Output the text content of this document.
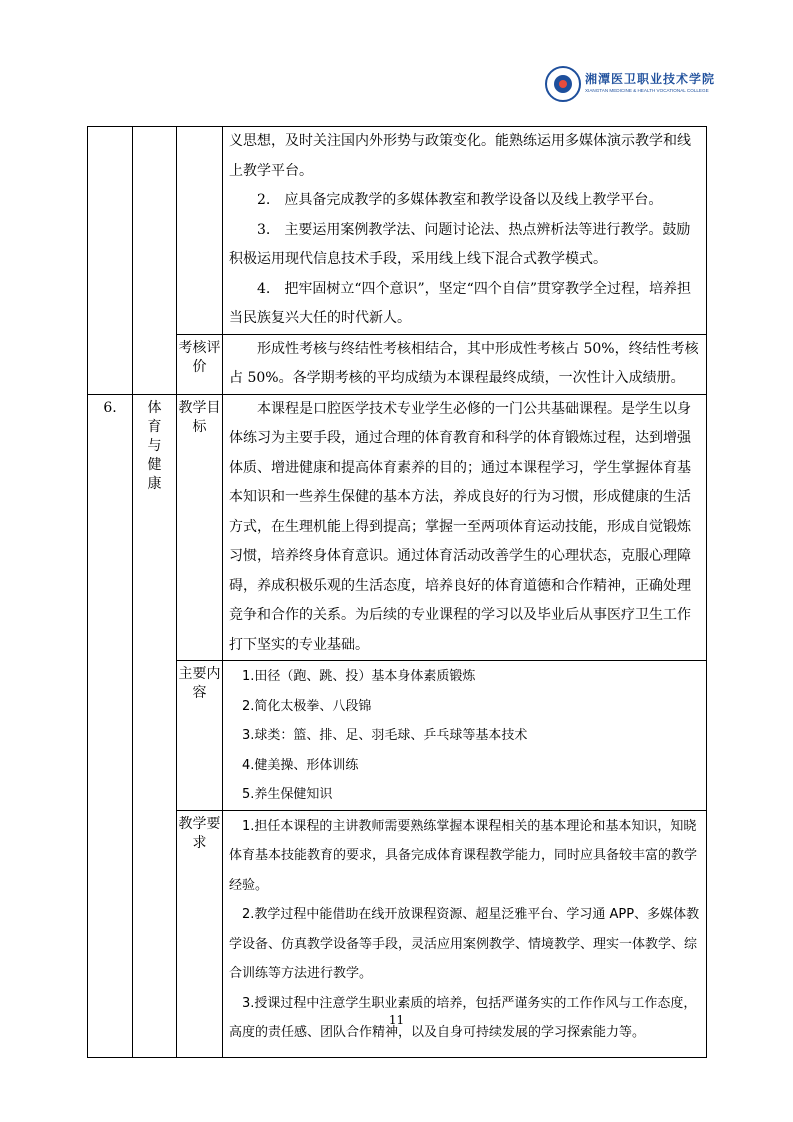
湘潭医卫职业技术学院
XIANGTAN MEDICINE & HEALTH VOCATIONAL COLLEGE

			义思想，及时关注国内外形势与政策变化。能熟练运用多媒体演示教学和线上教学平台。

2.　应具备完成教学的多媒体教室和教学设备以及线上教学平台。

3.　主要运用案例教学法、问题讨论法、热点辨析法等进行教学。鼓励积极运用现代信息技术手段，采用线上线下混合式教学模式。

4.　把牢固树立“四个意识”，坚定“四个自信”贯穿教学全过程，培养担当民族复兴大任的时代新人。

		考核评价	形成性考核与终结性考核相结合，其中形成性考核占 50%，终结性考核占 50%。各学期考核的平均成绩为本课程最终成绩，一次性计入成绩册。

6.	体育与健康	教学目标	本课程是口腔医学技术专业学生必修的一门公共基础课程。是学生以身体练习为主要手段，通过合理的体育教育和科学的体育锻炼过程，达到增强体质、增进健康和提高体育素养的目的；通过本课程学习，学生掌握体育基本知识和一些养生保健的基本方法，养成良好的行为习惯，形成健康的生活方式，在生理机能上得到提高；掌握一至两项体育运动技能，形成自觉锻炼习惯，培养终身体育意识。通过体育活动改善学生的心理状态，克服心理障碍，养成积极乐观的生活态度，培养良好的体育道德和合作精神，正确处理竞争和合作的关系。为后续的专业课程的学习以及毕业后从事医疗卫生工作打下坚实的专业基础。

		主要内容	1.田径（跑、跳、投）基本身体素质锻炼

2.简化太极拳、八段锦

3.球类：篮、排、足、羽毛球、乒乓球等基本技术

4.健美操、形体训练

5.养生保健知识

		教学要求	1.担任本课程的主讲教师需要熟练掌握本课程相关的基本理论和基本知识，知晓体育基本技能教育的要求，具备完成体育课程教学能力，同时应具备较丰富的教学经验。

2.教学过程中能借助在线开放课程资源、超星泛雅平台、学习通 APP、多媒体教学设备、仿真教学设备等手段，灵活应用案例教学、情境教学、理实一体教学、综合训练等方法进行教学。

3.授课过程中注意学生职业素质的培养，包括严谨务实的工作作风与工作态度，高度的责任感、团队合作精神，以及自身可持续发展的学习探索能力等。

11
